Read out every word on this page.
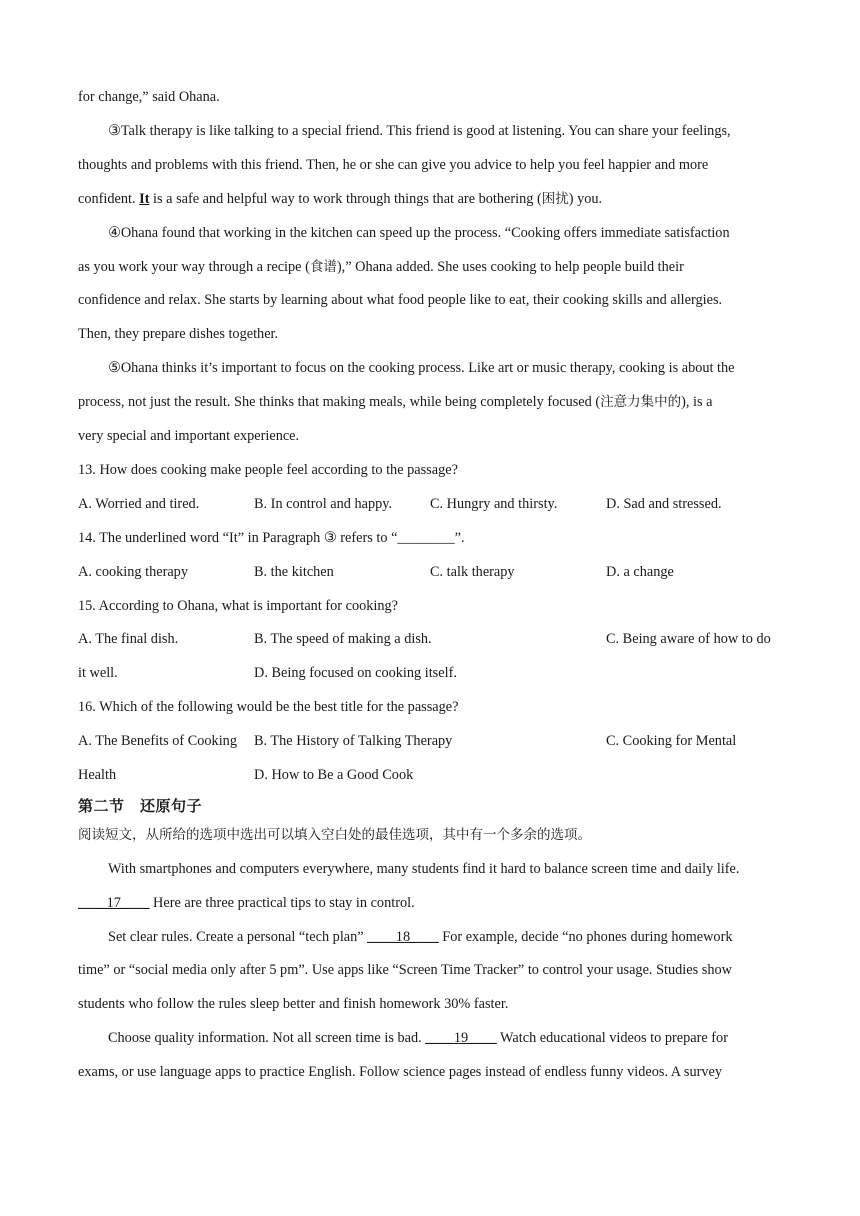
for change,” said Ohana.
③Talk therapy is like talking to a special friend. This friend is good at listening. You can share your feelings,
thoughts and problems with this friend. Then, he or she can give you advice to help you feel happier and more
confident. It is a safe and helpful way to work through things that are bothering (困扰) you.
④Ohana found that working in the kitchen can speed up the process. “Cooking offers immediate satisfaction
as you work your way through a recipe (食谱),” Ohana added. She uses cooking to help people build their
confidence and relax. She starts by learning about what food people like to eat, their cooking skills and allergies.
Then, they prepare dishes together.
⑤Ohana thinks it’s important to focus on the cooking process. Like art or music therapy, cooking is about the
process, not just the result. She thinks that making meals, while being completely focused (注意力集中的), is a
very special and important experience.
13. How does cooking make people feel according to the passage?
A. Worried and tired.	B. In control and happy.	C. Hungry and thirsty.	D. Sad and stressed.
14. The underlined word “It” in Paragraph ③ refers to “________”.
A. cooking therapy	B. the kitchen	C. talk therapy	D. a change
15. According to Ohana, what is important for cooking?
A. The final dish.	B. The speed of making a dish.	C. Being aware of how to do
it well.	D. Being focused on cooking itself.
16. Which of the following would be the best title for the passage?
A. The Benefits of Cooking B. The History of Talking Therapy	C. Cooking for Mental
Health	D. How to Be a Good Cook
第二节　还原句子
阅读短文，从所给的选项中选出可以填入空白处的最佳选项，其中有一个多余的选项。
With smartphones and computers everywhere, many students find it hard to balance screen time and daily life.
____17____ Here are three practical tips to stay in control.
Set clear rules. Create a personal “tech plan” ____18____ For example, decide “no phones during homework
time” or “social media only after 5 pm”. Use apps like “Screen Time Tracker” to control your usage. Studies show
students who follow the rules sleep better and finish homework 30% faster.
Choose quality information. Not all screen time is bad. ____19____ Watch educational videos to prepare for
exams, or use language apps to practice English. Follow science pages instead of endless funny videos. A survey
